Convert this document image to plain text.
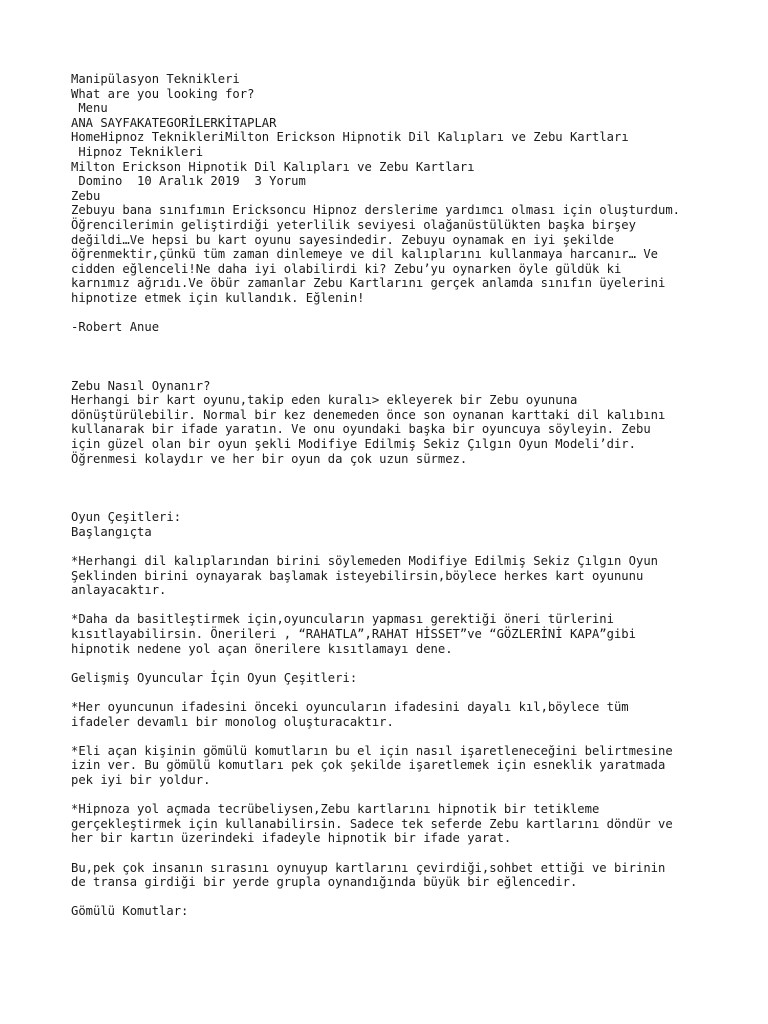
Manipülasyon Teknikleri
What are you looking for?
Menu
ANA SAYFAKATEGORİLERKİTAPLAR
HomeHipnoz TeknikleriMilton Erickson Hipnotik Dil Kalıpları ve Zebu Kartları
Hipnoz Teknikleri
Milton Erickson Hipnotik Dil Kalıpları ve Zebu Kartları
Domino  10 Aralık 2019  3 Yorum
Zebu
Zebuyu bana sınıfımın Ericksoncu Hipnoz derslerime yardımcı olması için oluşturdum.
Öğrencilerimin geliştirdiği yeterlilik seviyesi olağanüstülükten başka birşey
değildi…Ve hepsi bu kart oyunu sayesindedir. Zebuyu oynamak en iyi şekilde
öğrenmektir,çünkü tüm zaman dinlemeye ve dil kalıplarını kullanmaya harcanır… Ve
cidden eğlenceli!Ne daha iyi olabilirdi ki? Zebu’yu oynarken öyle güldük ki
karnımız ağrıdı.Ve öbür zamanlar Zebu Kartlarını gerçek anlamda sınıfın üyelerini
hipnotize etmek için kullandık. Eğlenin!
-Robert Anue
Zebu Nasıl Oynanır?
Herhangi bir kart oyunu,takip eden kuralı> ekleyerek bir Zebu oyununa
dönüştürülebilir. Normal bir kez denemeden önce son oynanan karttaki dil kalıbını
kullanarak bir ifade yaratın. Ve onu oyundaki başka bir oyuncuya söyleyin. Zebu
için güzel olan bir oyun şekli Modifiye Edilmiş Sekiz Çılgın Oyun Modeli’dir.
Öğrenmesi kolaydır ve her bir oyun da çok uzun sürmez.
Oyun Çeşitleri:
Başlangıçta
*Herhangi dil kalıplarından birini söylemeden Modifiye Edilmiş Sekiz Çılgın Oyun
Şeklinden birini oynayarak başlamak isteyebilirsin,böylece herkes kart oyununu
anlayacaktır.
*Daha da basitleştirmek için,oyuncuların yapması gerektiği öneri türlerini
kısıtlayabilirsin. Önerileri , “RAHATLA”,RAHAT HİSSET”ve “GÖZLERİNİ KAPA”gibi
hipnotik nedene yol açan önerilere kısıtlamayı dene.
Gelişmiş Oyuncular İçin Oyun Çeşitleri:
*Her oyuncunun ifadesini önceki oyuncuların ifadesini dayalı kıl,böylece tüm
ifadeler devamlı bir monolog oluşturacaktır.
*Eli açan kişinin gömülü komutların bu el için nasıl işaretleneceğini belirtmesine
izin ver. Bu gömülü komutları pek çok şekilde işaretlemek için esneklik yaratmada
pek iyi bir yoldur.
*Hipnoza yol açmada tecrübeliysen,Zebu kartlarını hipnotik bir tetikleme
gerçekleştirmek için kullanabilirsin. Sadece tek seferde Zebu kartlarını döndür ve
her bir kartın üzerindeki ifadeyle hipnotik bir ifade yarat.
Bu,pek çok insanın sırasını oynuyup kartlarını çevirdiği,sohbet ettiği ve birinin
de transa girdiği bir yerde grupla oynandığında büyük bir eğlencedir.
Gömülü Komutlar:
